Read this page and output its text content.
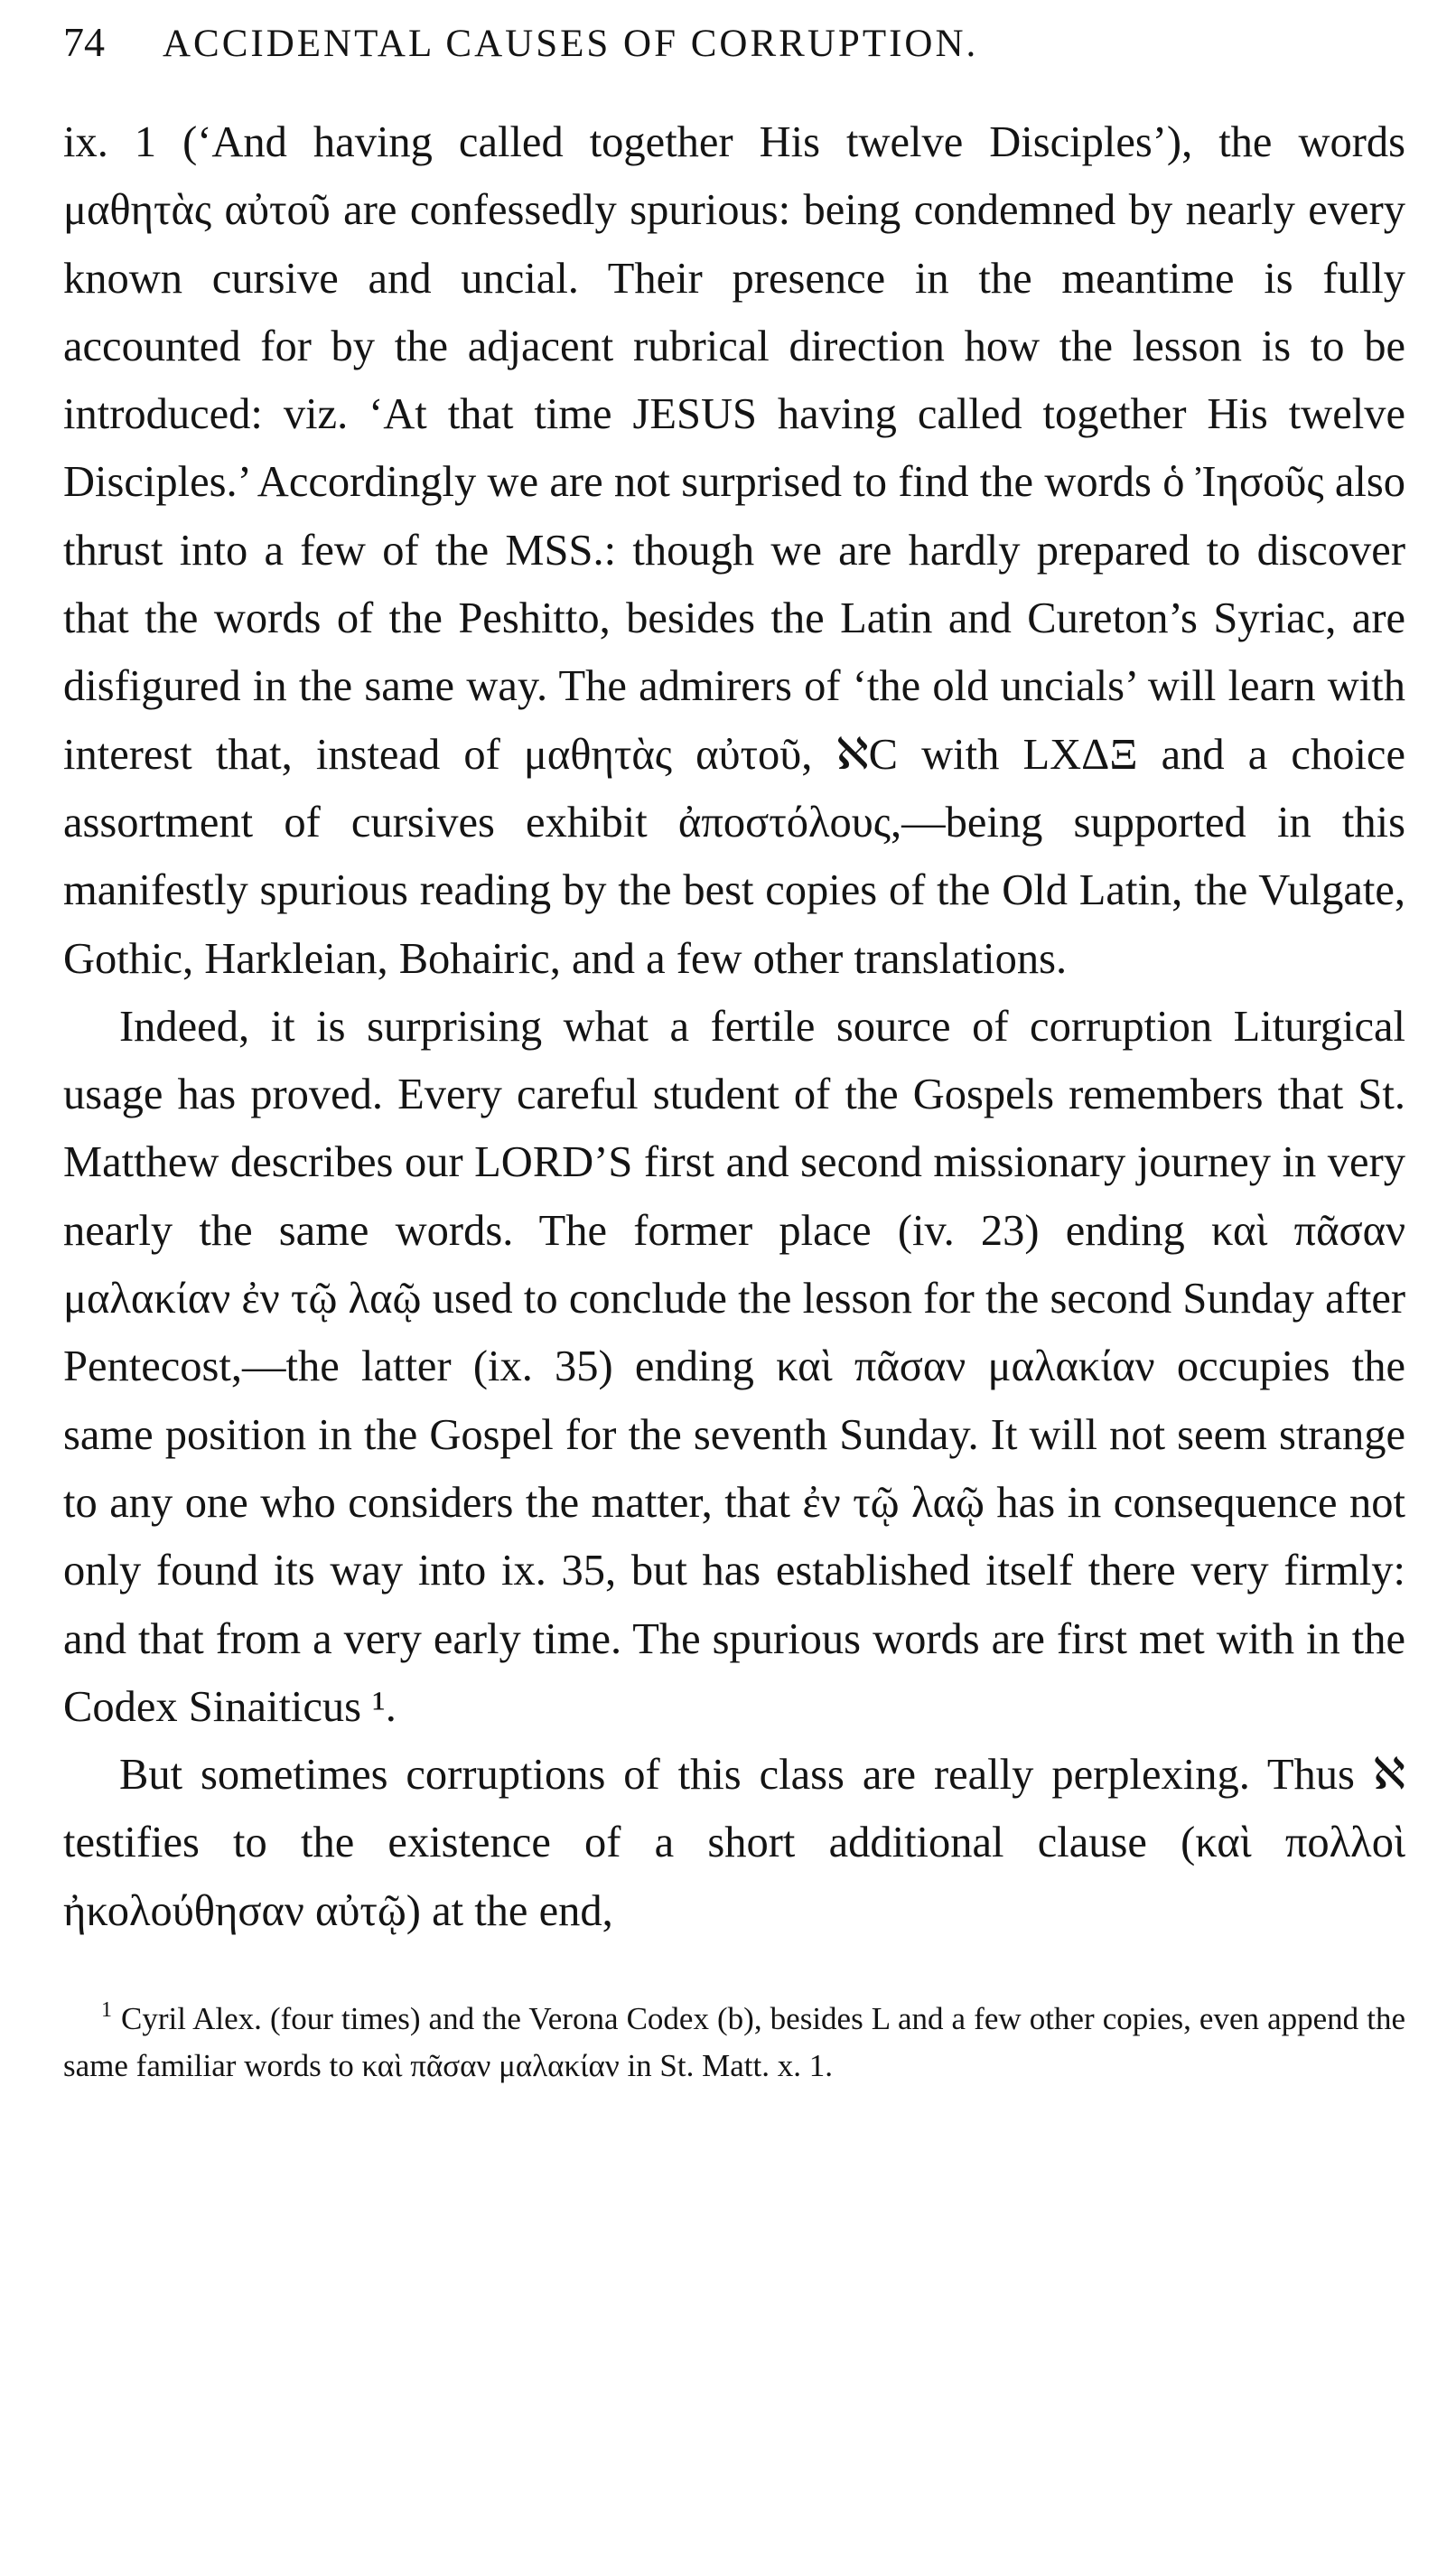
74	ACCIDENTAL CAUSES OF CORRUPTION.

ix. 1 (‘And having called together His twelve Disciples’), the words μαθητὰς αὐτοῦ are confessedly spurious: being condemned by nearly every known cursive and uncial. Their presence in the meantime is fully accounted for by the adjacent rubrical direction how the lesson is to be introduced: viz. ‘At that time JESUS having called together His twelve Disciples.’ Accordingly we are not surprised to find the words ὁ Ἰησοῦς also thrust into a few of the MSS.: though we are hardly prepared to discover that the words of the Peshitto, besides the Latin and Cureton’s Syriac, are disfigured in the same way. The admirers of ‘the old uncials’ will learn with interest that, instead of μαθητὰς αὐτοῦ, ℵC with LXΔΞ and a choice assortment of cursives exhibit ἀποστόλους,—being supported in this manifestly spurious reading by the best copies of the Old Latin, the Vulgate, Gothic, Harkleian, Bohairic, and a few other translations.

Indeed, it is surprising what a fertile source of corruption Liturgical usage has proved. Every careful student of the Gospels remembers that St. Matthew describes our LORD’S first and second missionary journey in very nearly the same words. The former place (iv. 23) ending καὶ πᾶσαν μαλακίαν ἐν τῷ λαῷ used to conclude the lesson for the second Sunday after Pentecost,—the latter (ix. 35) ending καὶ πᾶσαν μαλακίαν occupies the same position in the Gospel for the seventh Sunday. It will not seem strange to any one who considers the matter, that ἐν τῷ λαῷ has in consequence not only found its way into ix. 35, but has established itself there very firmly: and that from a very early time. The spurious words are first met with in the Codex Sinaiticus ¹.

But sometimes corruptions of this class are really perplexing. Thus ℵ testifies to the existence of a short additional clause (καὶ πολλοὶ ἠκολούθησαν αὐτῷ) at the end,

$^1$ Cyril Alex. (four times) and the Verona Codex (b), besides L and a few other copies, even append the same familiar words to καὶ πᾶσαν μαλακίαν in St. Matt. x. 1.
